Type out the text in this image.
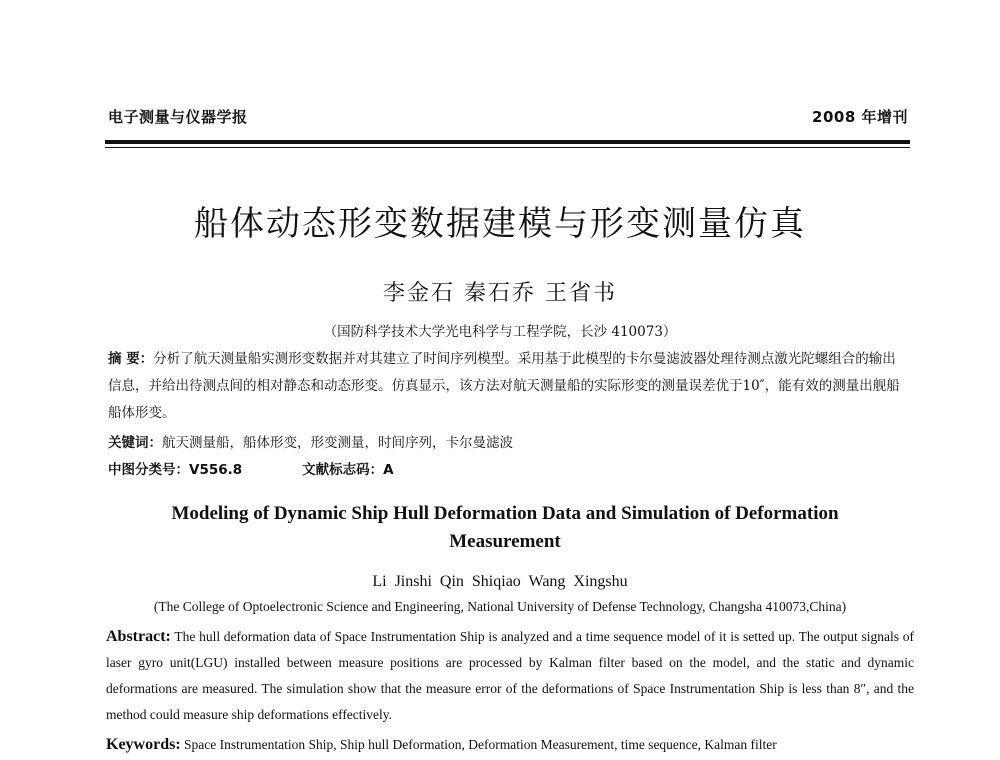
电子测量与仪器学报	2008 年增刊
船体动态形变数据建模与形变测量仿真
李金石 秦石乔 王省书
（国防科学技术大学光电科学与工程学院，长沙 410073）
摘 要：分析了航天测量船实测形变数据并对其建立了时间序列模型。采用基于此模型的卡尔曼滤波器处理待测点激光陀螺组合的输出信息，并给出待测点间的相对静态和动态形变。仿真显示，该方法对航天测量船的实际形变的测量误差优于10″，能有效的测量出舰船船体形变。
关键词：航天测量船，船体形变，形变测量，时间序列，卡尔曼滤波
中图分类号：V556.8	文献标志码：A
Modeling of Dynamic Ship Hull Deformation Data and Simulation of Deformation Measurement
Li Jinshi Qin Shiqiao Wang Xingshu
(The College of Optoelectronic Science and Engineering, National University of Defense Technology, Changsha 410073,China)
Abstract: The hull deformation data of Space Instrumentation Ship is analyzed and a time sequence model of it is setted up. The output signals of laser gyro unit(LGU) installed between measure positions are processed by Kalman filter based on the model, and the static and dynamic deformations are measured. The simulation show that the measure error of the deformations of Space Instrumentation Ship is less than 8″, and the method could measure ship deformations effectively.
Keywords: Space Instrumentation Ship, Ship hull Deformation, Deformation Measurement, time sequence, Kalman filter
